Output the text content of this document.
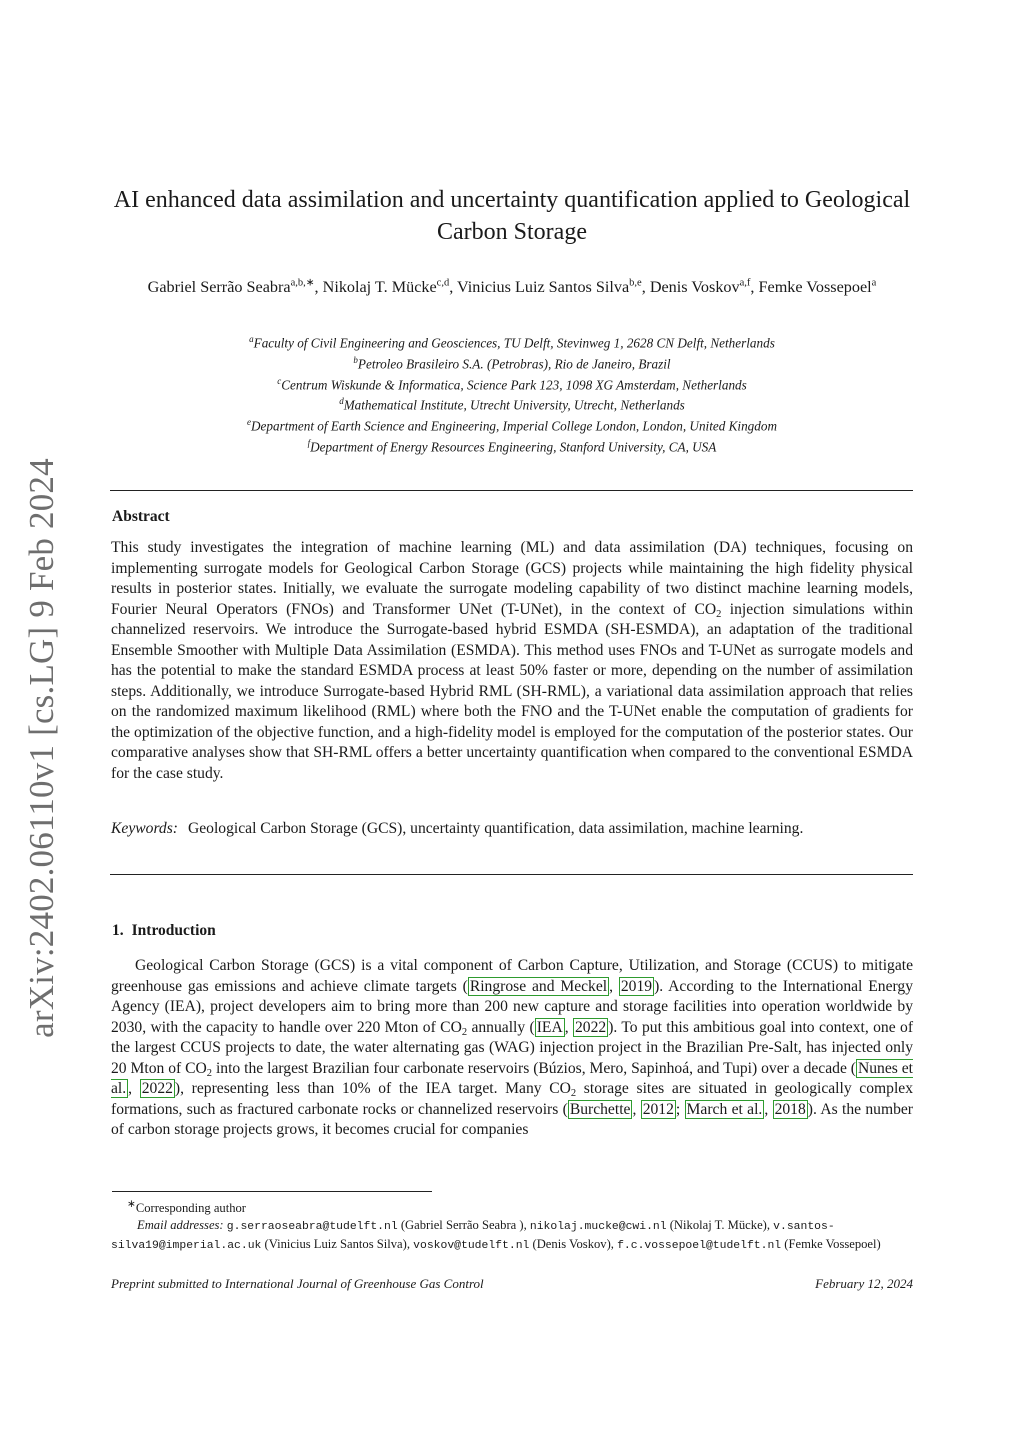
arXiv:2402.06110v1 [cs.LG] 9 Feb 2024
AI enhanced data assimilation and uncertainty quantification applied to Geological Carbon Storage
Gabriel Serrão Seabra$^{a,b,∗}$, Nikolaj T. Mücke$^{c,d}$, Vinicius Luiz Santos Silva$^{b,e}$, Denis Voskov$^{a,f}$, Femke Vossepoel$^a$
$^a$Faculty of Civil Engineering and Geosciences, TU Delft, Stevinweg 1, 2628 CN Delft, Netherlands
$^b$Petroleo Brasileiro S.A. (Petrobras), Rio de Janeiro, Brazil
$^c$Centrum Wiskunde & Informatica, Science Park 123, 1098 XG Amsterdam, Netherlands
$^d$Mathematical Institute, Utrecht University, Utrecht, Netherlands
$^e$Department of Earth Science and Engineering, Imperial College London, London, United Kingdom
$^f$Department of Energy Resources Engineering, Stanford University, CA, USA
Abstract
This study investigates the integration of machine learning (ML) and data assimilation (DA) techniques, focusing on implementing surrogate models for Geological Carbon Storage (GCS) projects while maintaining the high fidelity physical results in posterior states. Initially, we evaluate the surrogate modeling capability of two distinct machine learning models, Fourier Neural Operators (FNOs) and Transformer UNet (T-UNet), in the context of $CO_2$ injection simulations within channelized reservoirs. We introduce the Surrogate-based hybrid ESMDA (SH-ESMDA), an adaptation of the traditional Ensemble Smoother with Multiple Data Assimilation (ESMDA). This method uses FNOs and T-UNet as surrogate models and has the potential to make the standard ESMDA process at least 50% faster or more, depending on the number of assimilation steps. Additionally, we introduce Surrogate-based Hybrid RML (SH-RML), a variational data assimilation approach that relies on the randomized maximum likelihood (RML) where both the FNO and the T-UNet enable the computation of gradients for the optimization of the objective function, and a high-fidelity model is employed for the computation of the posterior states. Our comparative analyses show that SH-RML offers a better uncertainty quantification when compared to the conventional ESMDA for the case study.
Keywords: Geological Carbon Storage (GCS), uncertainty quantification, data assimilation, machine learning.
1. Introduction
Geological Carbon Storage (GCS) is a vital component of Carbon Capture, Utilization, and Storage (CCUS) to mitigate greenhouse gas emissions and achieve climate targets ( Ringrose and Meckel , 2019 ). According to the International Energy Agency (IEA), project developers aim to bring more than 200 new capture and storage facilities into operation worldwide by 2030, with the capacity to handle over 220 Mton of $CO_2$ annually ( IEA , 2022 ). To put this ambitious goal into context, one of the largest CCUS projects to date, the water alternating gas (WAG) injection project in the Brazilian Pre-Salt, has injected only 20 Mton of $CO_2$ into the largest Brazilian four carbonate reservoirs (Búzios, Mero, Sapinhoá, and Tupi) over a decade ( Nunes et al. , 2022 ), representing less than 10% of the IEA target. Many $CO_2$ storage sites are situated in geologically complex formations, such as fractured carbonate rocks or channelized reservoirs ( Burchette , 2012 ; March et al. , 2018 ). As the number of carbon storage projects grows, it becomes crucial for companies
∗Corresponding author
Email addresses: g.serraoseabra@tudelft.nl (Gabriel Serrão Seabra ), nikolaj.mucke@cwi.nl (Nikolaj T. Mücke), v.santos-silva19@imperial.ac.uk (Vinicius Luiz Santos Silva), voskov@tudelft.nl (Denis Voskov), f.c.vossepoel@tudelft.nl (Femke Vossepoel)
Preprint submitted to International Journal of Greenhouse Gas Control	February 12, 2024
